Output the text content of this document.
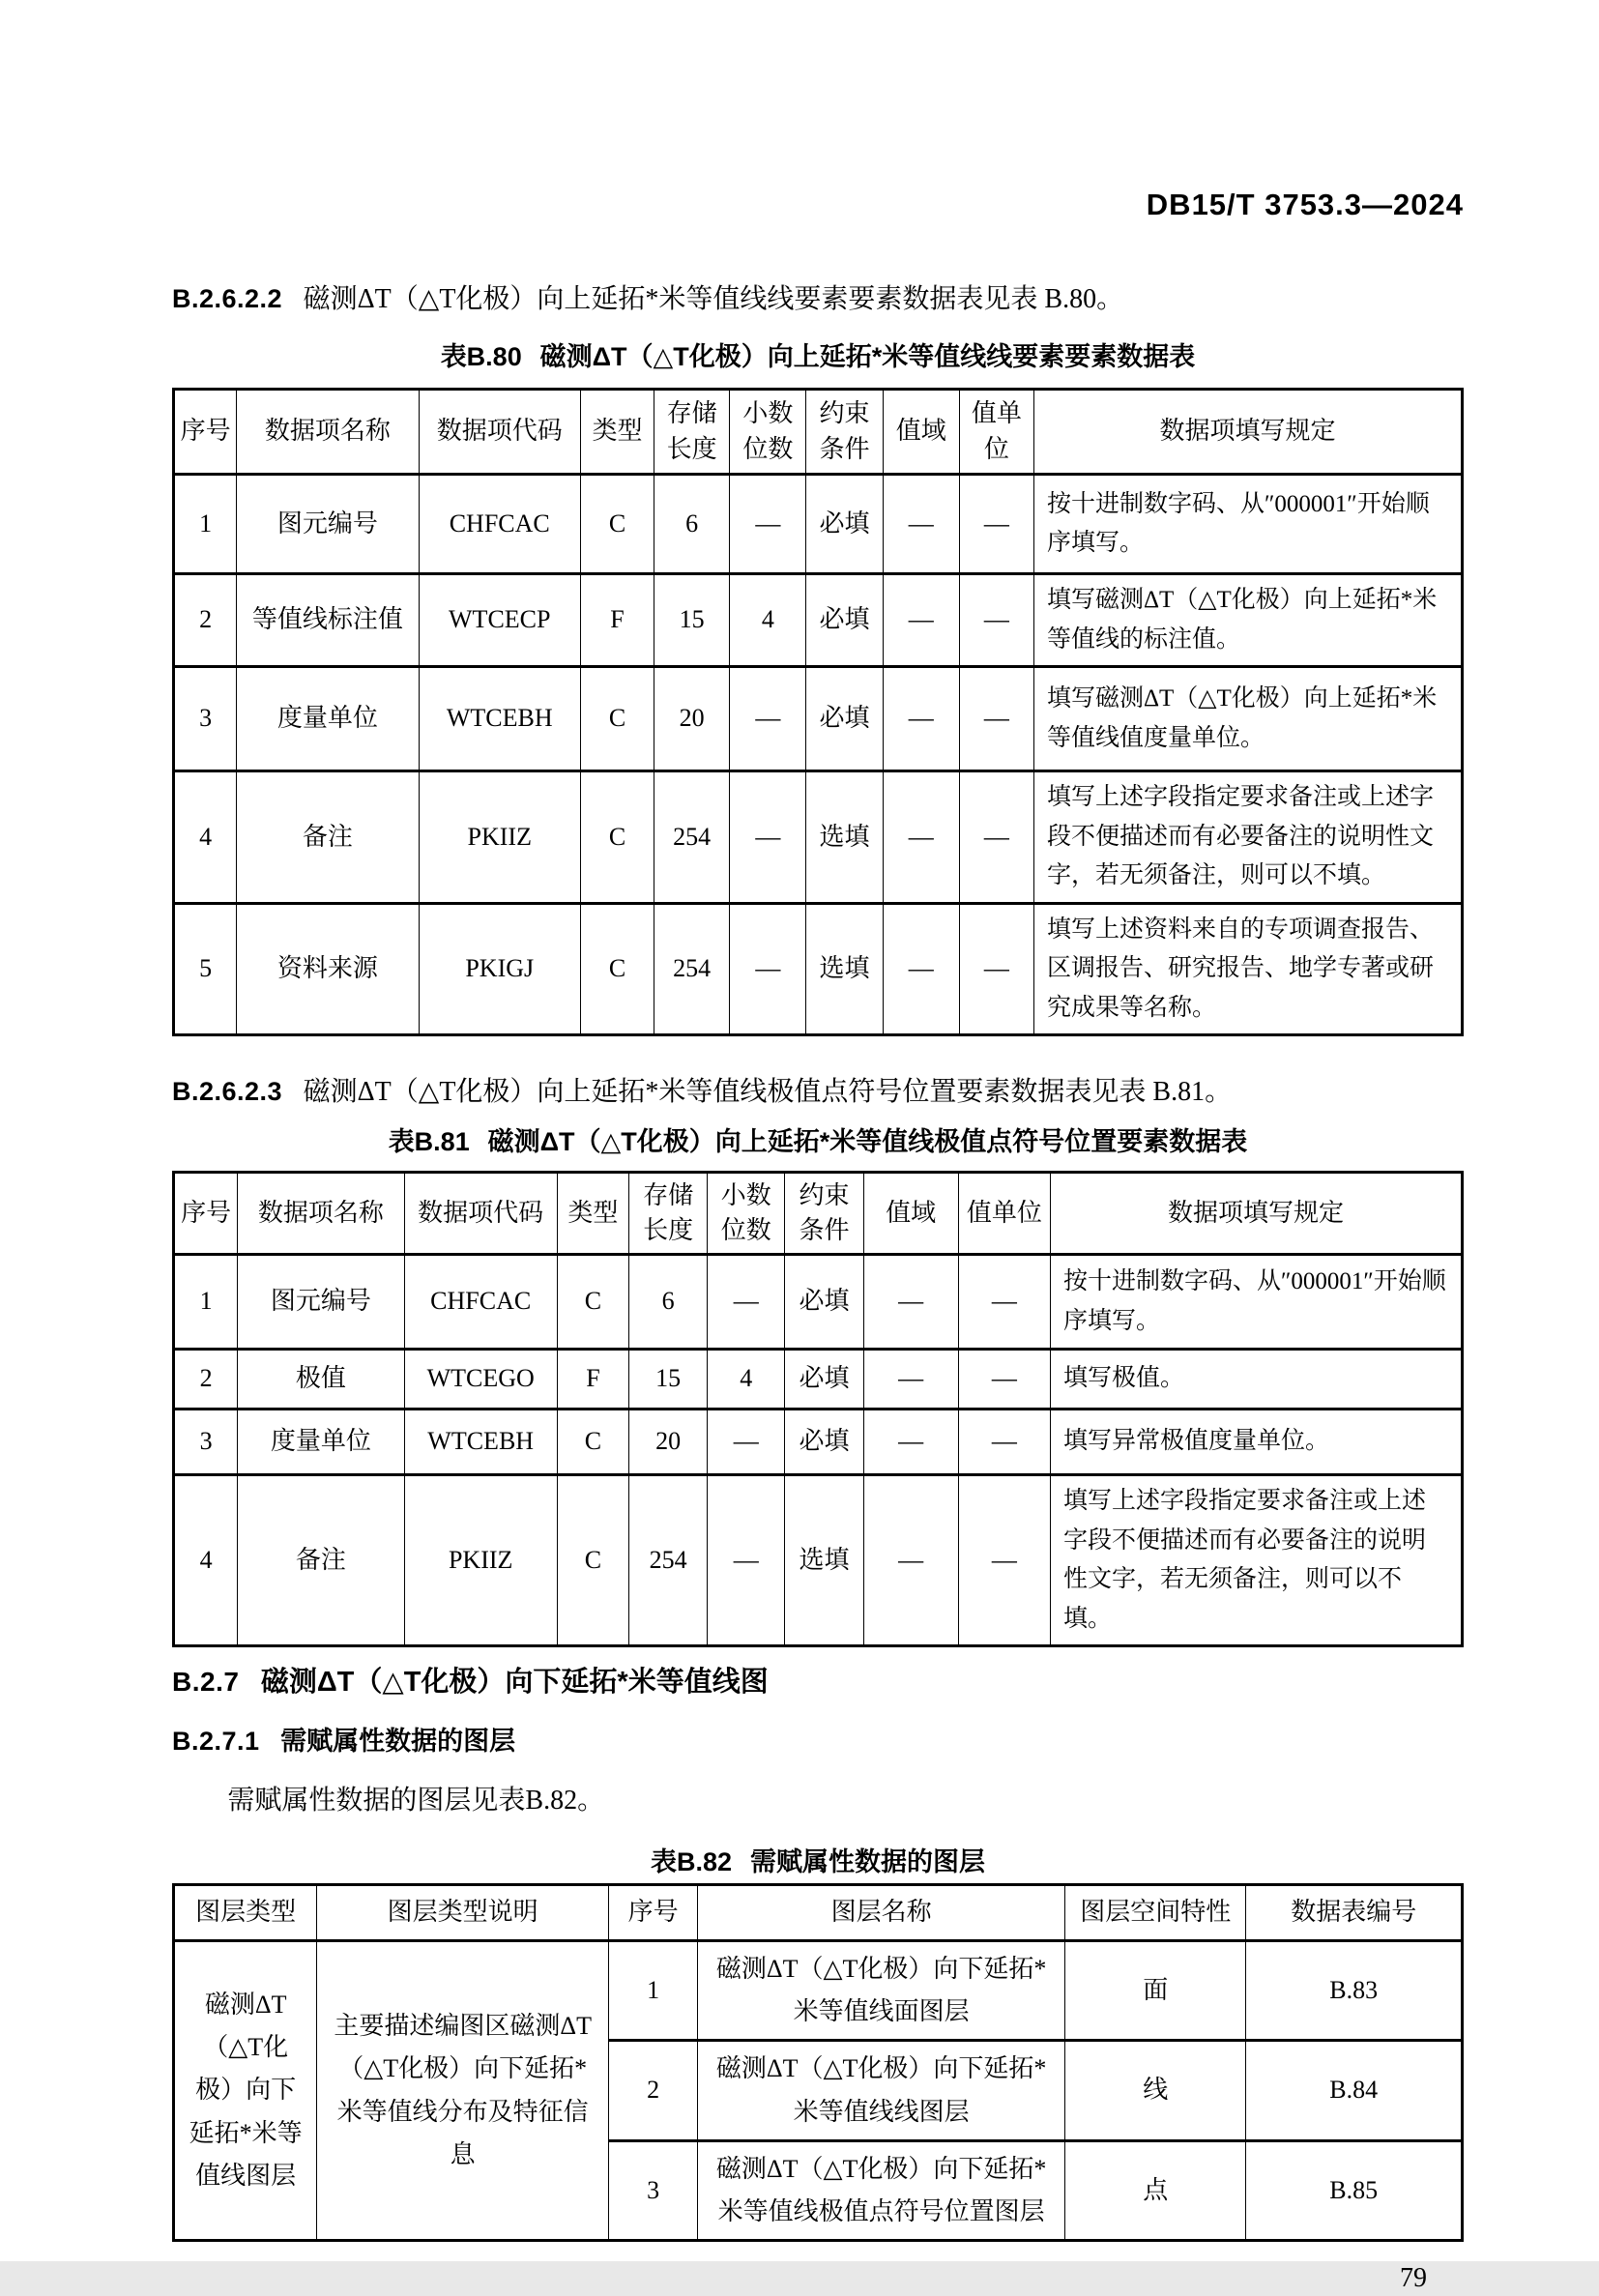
DB15/T 3753.3—2024
B.2.6.2.2 磁测ΔT（△T化极）向上延拓*米等值线线要素要素数据表见表 B.80。
表B.80 磁测ΔT（△T化极）向上延拓*米等值线线要素要素数据表
序号	数据项名称	数据项代码	类型	存储长度	小数位数	约束条件	值域	值单位	数据项填写规定
1	图元编号	CHFCAC	C	6	—	必填	—	—	按十进制数字码、从″000001″开始顺序填写。
2	等值线标注值	WTCECP	F	15	4	必填	—	—	填写磁测ΔT（△T化极）向上延拓*米等值线的标注值。
3	度量单位	WTCEBH	C	20	—	必填	—	—	填写磁测ΔT（△T化极）向上延拓*米等值线值度量单位。
4	备注	PKIIZ	C	254	—	选填	—	—	填写上述字段指定要求备注或上述字段不便描述而有必要备注的说明性文字，若无须备注，则可以不填。
5	资料来源	PKIGJ	C	254	—	选填	—	—	填写上述资料来自的专项调查报告、区调报告、研究报告、地学专著或研究成果等名称。
B.2.6.2.3 磁测ΔT（△T化极）向上延拓*米等值线极值点符号位置要素数据表见表 B.81。
表B.81 磁测ΔT（△T化极）向上延拓*米等值线极值点符号位置要素数据表
序号	数据项名称	数据项代码	类型	存储长度	小数位数	约束条件	值域	值单位	数据项填写规定
1	图元编号	CHFCAC	C	6	—	必填	—	—	按十进制数字码、从″000001″开始顺序填写。
2	极值	WTCEGO	F	15	4	必填	—	—	填写极值。
3	度量单位	WTCEBH	C	20	—	必填	—	—	填写异常极值度量单位。
4	备注	PKIIZ	C	254	—	选填	—	—	填写上述字段指定要求备注或上述字段不便描述而有必要备注的说明性文字，若无须备注，则可以不填。
B.2.7 磁测ΔT（△T化极）向下延拓*米等值线图
B.2.7.1 需赋属性数据的图层
需赋属性数据的图层见表B.82。
表B.82 需赋属性数据的图层
图层类型	图层类型说明	序号	图层名称	图层空间特性	数据表编号
磁测ΔT（△T化极）向下延拓*米等值线图层	主要描述编图区磁测ΔT（△T化极）向下延拓*米等值线分布及特征信息	1	磁测ΔT（△T化极）向下延拓*米等值线面图层	面	B.83
		2	磁测ΔT（△T化极）向下延拓*米等值线线图层	线	B.84
		3	磁测ΔT（△T化极）向下延拓*米等值线极值点符号位置图层	点	B.85
79
